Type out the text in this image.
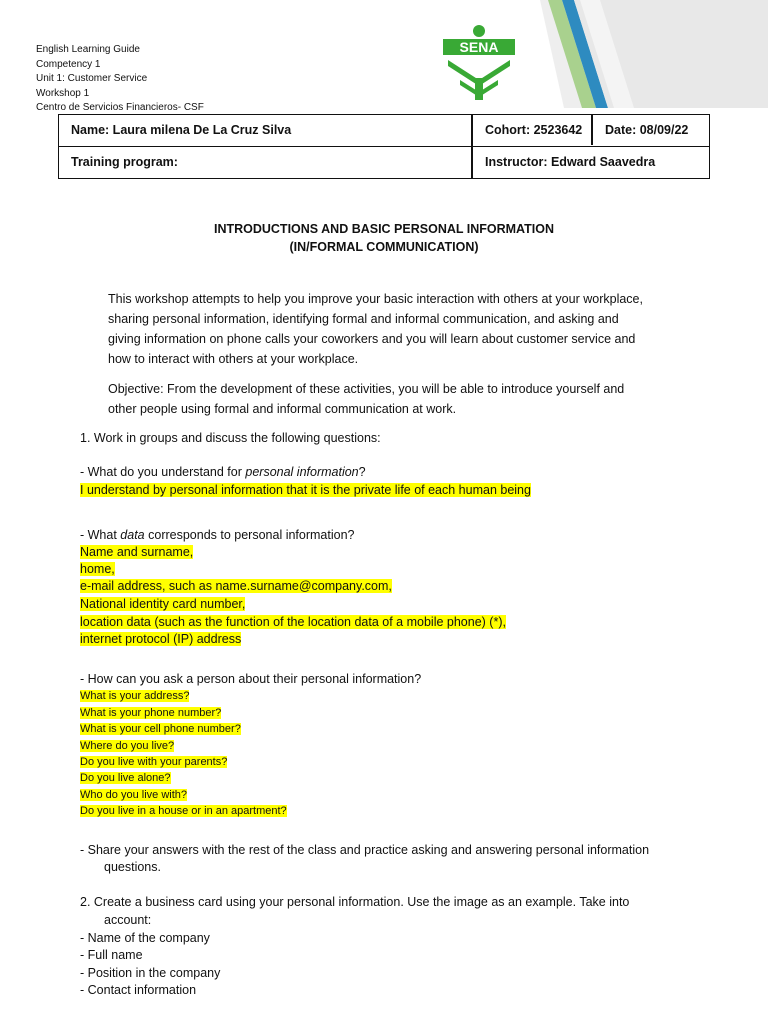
English Learning Guide
Competency 1
Unit 1: Customer Service
Workshop 1
Centro de Servicios Financieros- CSF
SENA
Name: Laura milena De La Cruz Silva	Cohort: 2523642	Date: 08/09/22
Training program:	Instructor: Edward Saavedra
INTRODUCTIONS AND BASIC PERSONAL INFORMATION
(IN/FORMAL COMMUNICATION)
This workshop attempts to help you improve your basic interaction with others at your workplace,
sharing personal information, identifying formal and informal communication, and asking and
giving information on phone calls your coworkers and you will learn about customer service and
how to interact with others at your workplace.
Objective: From the development of these activities, you will be able to introduce yourself and
other people using formal and informal communication at work.
1. Work in groups and discuss the following questions:
- What do you understand for personal information?
I understand by personal information that it is the private life of each human being
- What data corresponds to personal information?
Name and surname,
home,
e-mail address, such as name.surname@company.com,
National identity card number,
location data (such as the function of the location data of a mobile phone) (*),
internet protocol (IP) address
- How can you ask a person about their personal information?
What is your address?
What is your phone number?
What is your cell phone number?
Where do you live?
Do you live with your parents?
Do you live alone?
Who do you live with?
Do you live in a house or in an apartment?
- Share your answers with the rest of the class and practice asking and answering personal information
questions.
2. Create a business card using your personal information. Use the image as an example. Take into
account:
- Name of the company
- Full name
- Position in the company
- Contact information
